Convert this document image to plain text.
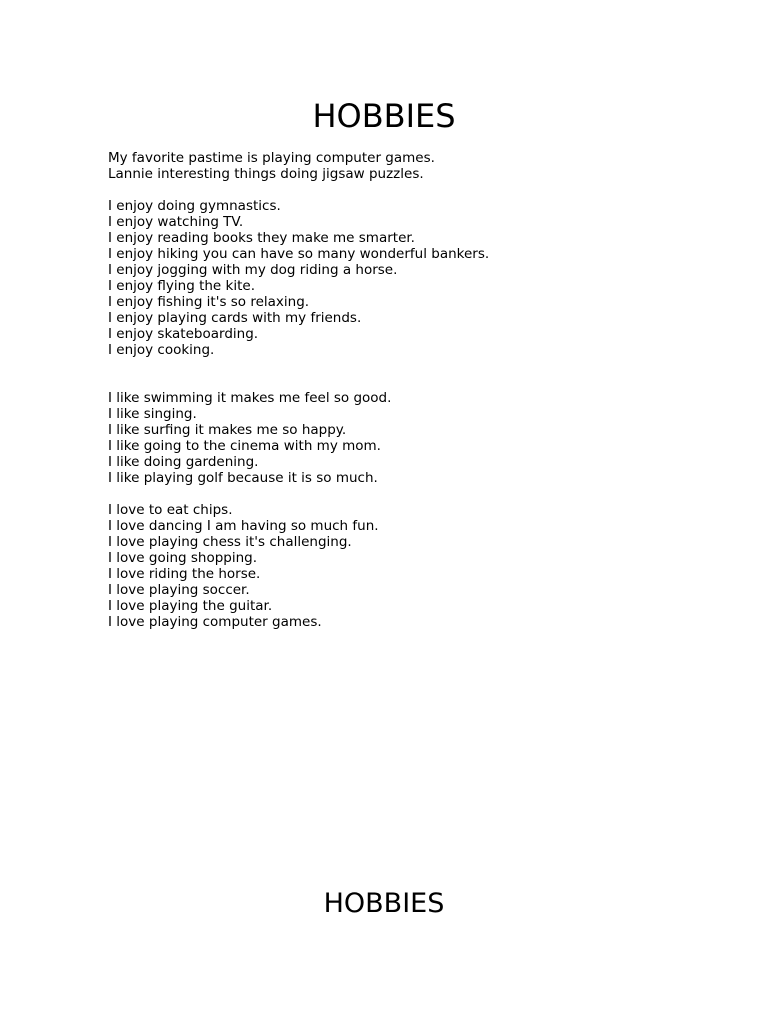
HOBBIES
My favorite pastime is playing computer games.
Lannie interesting things doing jigsaw puzzles.
I enjoy doing gymnastics.
I enjoy watching TV.
I enjoy reading books they make me smarter.
I enjoy hiking you can have so many wonderful bankers.
I enjoy jogging with my dog riding a horse.
I enjoy flying the kite.
I enjoy fishing it's so relaxing.
I enjoy playing cards with my friends.
I enjoy skateboarding.
I enjoy cooking.
I like swimming it makes me feel so good.
I like singing.
I like surfing it makes me so happy.
I like going to the cinema with my mom.
I like doing gardening.
I like playing golf because it is so much.
I love to eat chips.
I love dancing I am having so much fun.
I love playing chess it's challenging.
I love going shopping.
I love riding the horse.
I love playing soccer.
I love playing the guitar.
I love playing computer games.
HOBBIES
